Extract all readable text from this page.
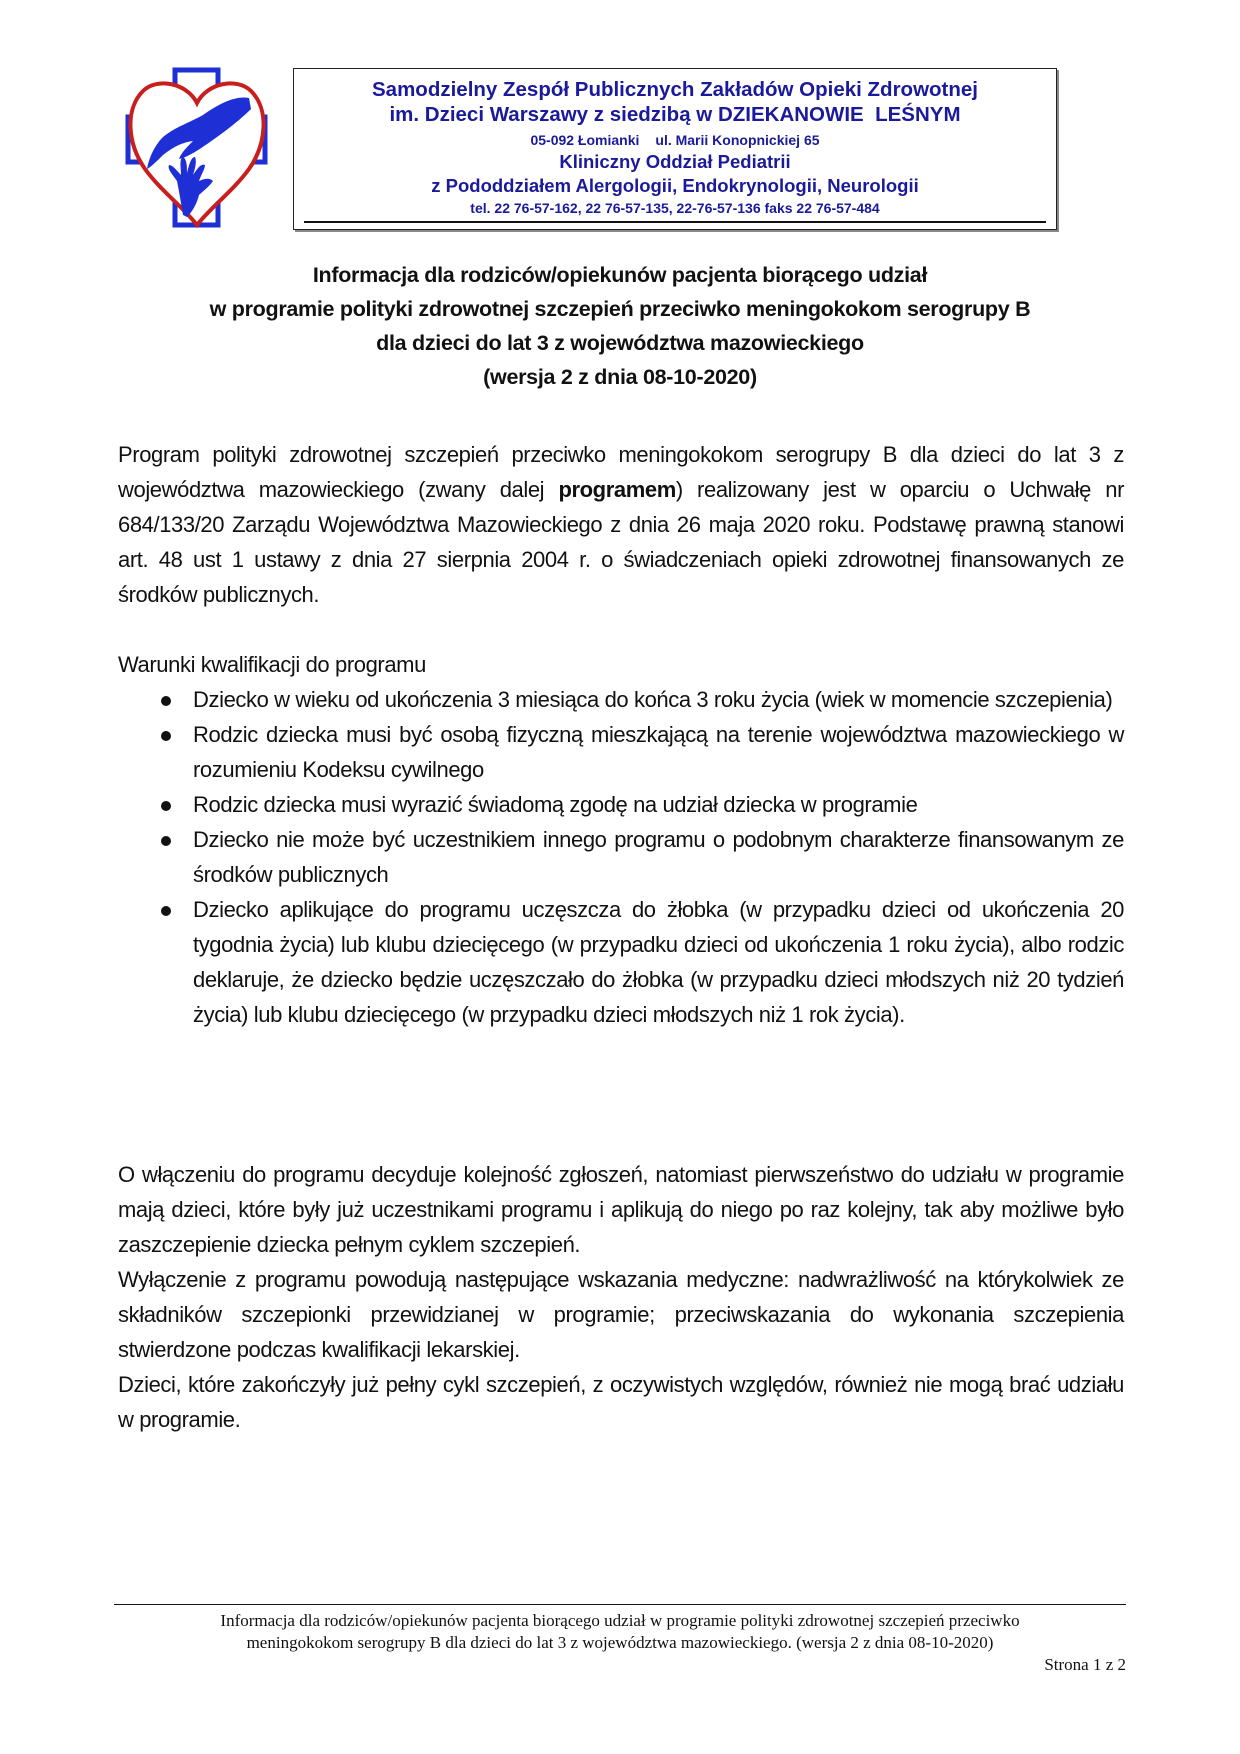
Samodzielny Zespół Publicznych Zakładów Opieki Zdrowotnej
im. Dzieci Warszawy z siedzibą w DZIEKANOWIE  LEŚNYM
05-092 Łomianki ul. Marii Konopnickiej 65
Kliniczny Oddział Pediatrii
z Pododdziałem Alergologii, Endokrynologii, Neurologii
tel. 22 76-57-162, 22 76-57-135, 22-76-57-136 faks 22 76-57-484
Informacja dla rodziców/opiekunów pacjenta biorącego udział
w programie polityki zdrowotnej szczepień przeciwko meningokokom serogrupy B
dla dzieci do lat 3 z województwa mazowieckiego
(wersja 2 z dnia 08-10-2020)
Program polityki zdrowotnej szczepień przeciwko meningokokom serogrupy B dla dzieci do lat 3 z województwa mazowieckiego (zwany dalej programem) realizowany jest w oparciu o Uchwałę nr 684/133/20 Zarządu Województwa Mazowieckiego z dnia 26 maja 2020 roku. Podstawę prawną stanowi art. 48 ust 1 ustawy z dnia 27 sierpnia 2004 r. o świadczeniach opieki zdrowotnej finansowanych ze środków publicznych.
Warunki kwalifikacji do programu
Dziecko w wieku od ukończenia 3 miesiąca do końca 3 roku życia (wiek w momencie szczepienia)
Rodzic dziecka musi być osobą fizyczną mieszkającą na terenie województwa mazowieckiego w rozumieniu Kodeksu cywilnego
Rodzic dziecka musi wyrazić świadomą zgodę na udział dziecka w programie
Dziecko nie może być uczestnikiem innego programu o podobnym charakterze finansowanym ze środków publicznych
Dziecko aplikujące do programu uczęszcza do żłobka (w przypadku dzieci od ukończenia 20 tygodnia życia) lub klubu dziecięcego (w przypadku dzieci od ukończenia 1 roku życia), albo rodzic deklaruje, że dziecko będzie uczęszczało do żłobka (w przypadku dzieci młodszych niż 20 tydzień życia) lub klubu dziecięcego (w przypadku dzieci młodszych niż 1 rok życia).
O włączeniu do programu decyduje kolejność zgłoszeń, natomiast pierwszeństwo do udziału w programie mają dzieci, które były już uczestnikami programu i aplikują do niego po raz kolejny, tak aby możliwe było zaszczepienie dziecka pełnym cyklem szczepień.
Wyłączenie z programu powodują następujące wskazania medyczne: nadwrażliwość na którykolwiek ze składników szczepionki przewidzianej w programie; przeciwskazania do wykonania szczepienia stwierdzone podczas kwalifikacji lekarskiej.
Dzieci, które zakończyły już pełny cykl szczepień, z oczywistych względów, również nie mogą brać udziału w programie.
Informacja dla rodziców/opiekunów pacjenta biorącego udział w programie polityki zdrowotnej szczepień przeciwko
meningokokom serogrupy B dla dzieci do lat 3 z województwa mazowieckiego. (wersja 2 z dnia 08-10-2020)
Strona 1 z 2
